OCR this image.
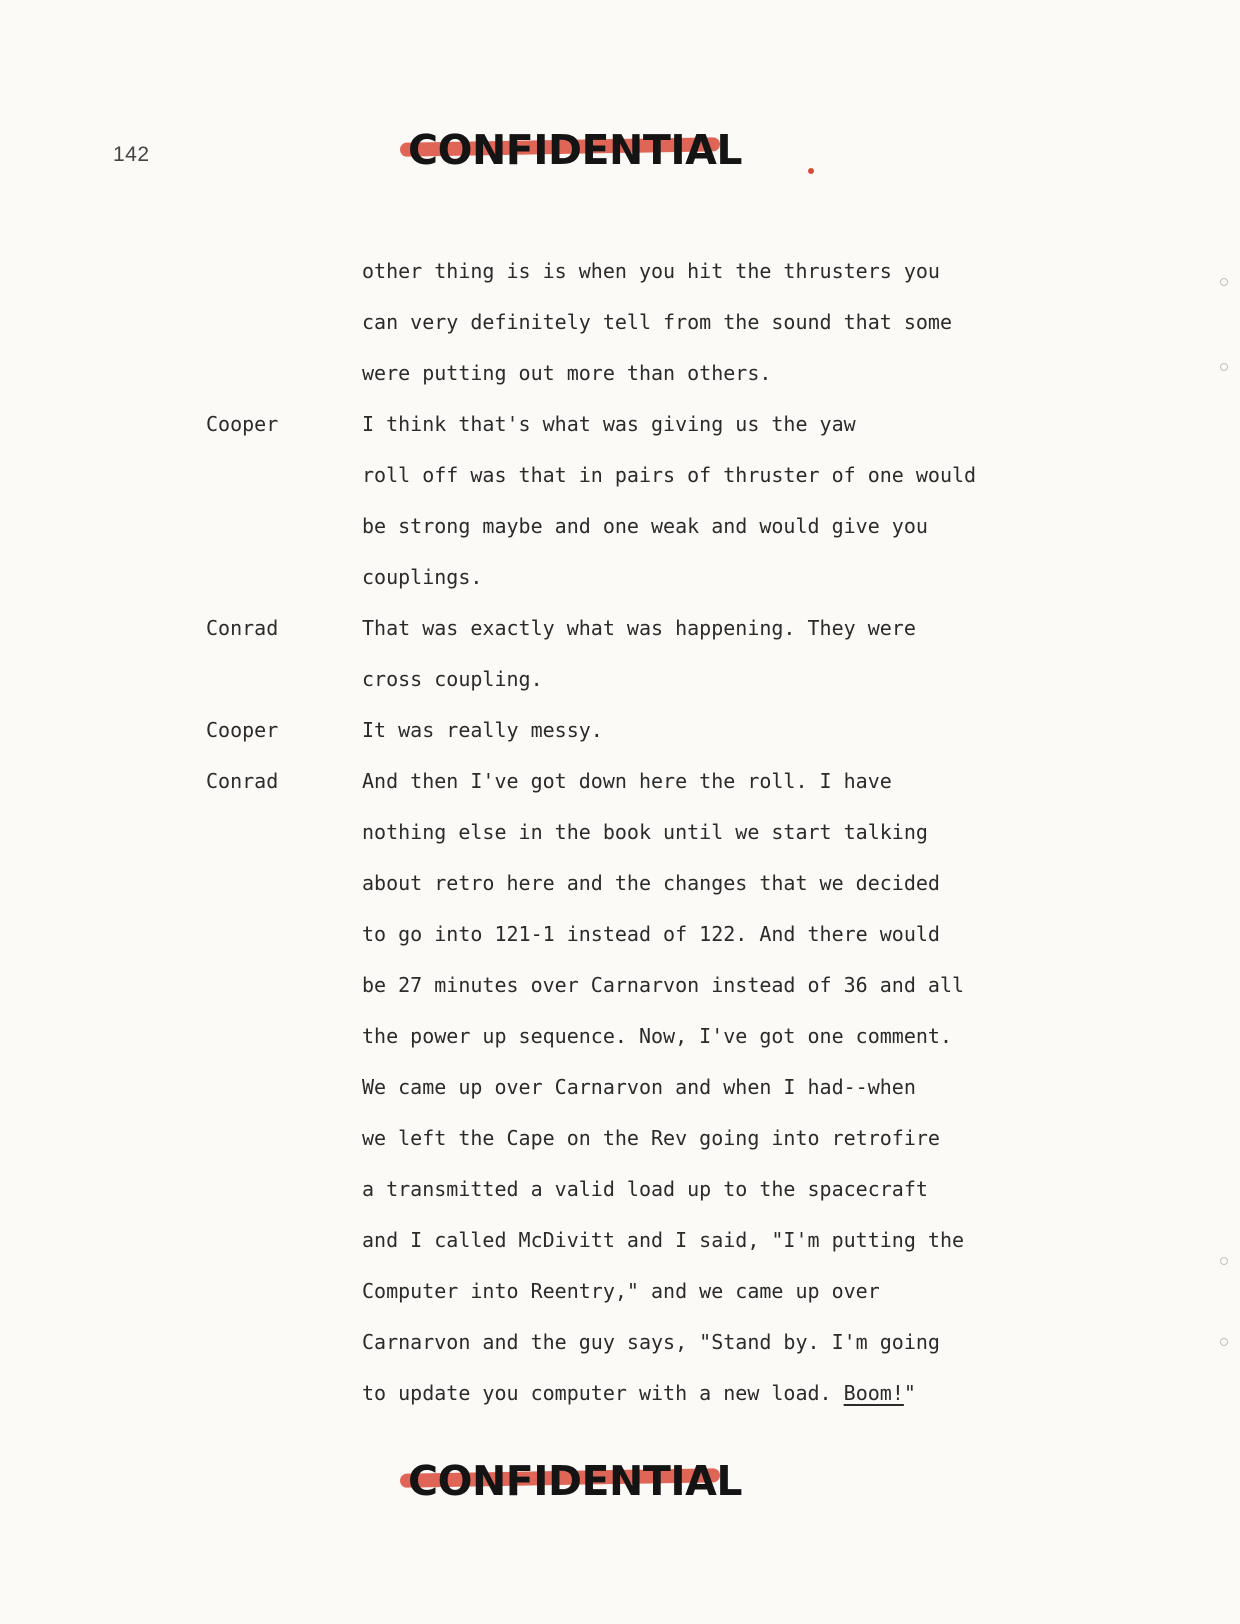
142	CONFIDENTIAL
other thing is is when you hit the thrusters you
can very definitely tell from the sound that some
were putting out more than others.
Cooper	I think that's what was giving us the yaw
roll off was that in pairs of thruster of one would
be strong maybe and one weak and would give you
couplings.
Conrad	That was exactly what was happening. They were
cross coupling.
Cooper	It was really messy.
Conrad	And then I've got down here the roll. I have
nothing else in the book until we start talking
about retro here and the changes that we decided
to go into 121-1 instead of 122. And there would
be 27 minutes over Carnarvon instead of 36 and all
the power up sequence. Now, I've got one comment.
We came up over Carnarvon and when I had--when
we left the Cape on the Rev going into retrofire
a transmitted a valid load up to the spacecraft
and I called McDivitt and I said, "I'm putting the
Computer into Reentry," and we came up over
Carnarvon and the guy says, "Stand by. I'm going
to update you computer with a new load. Boom!"
CONFIDENTIAL
